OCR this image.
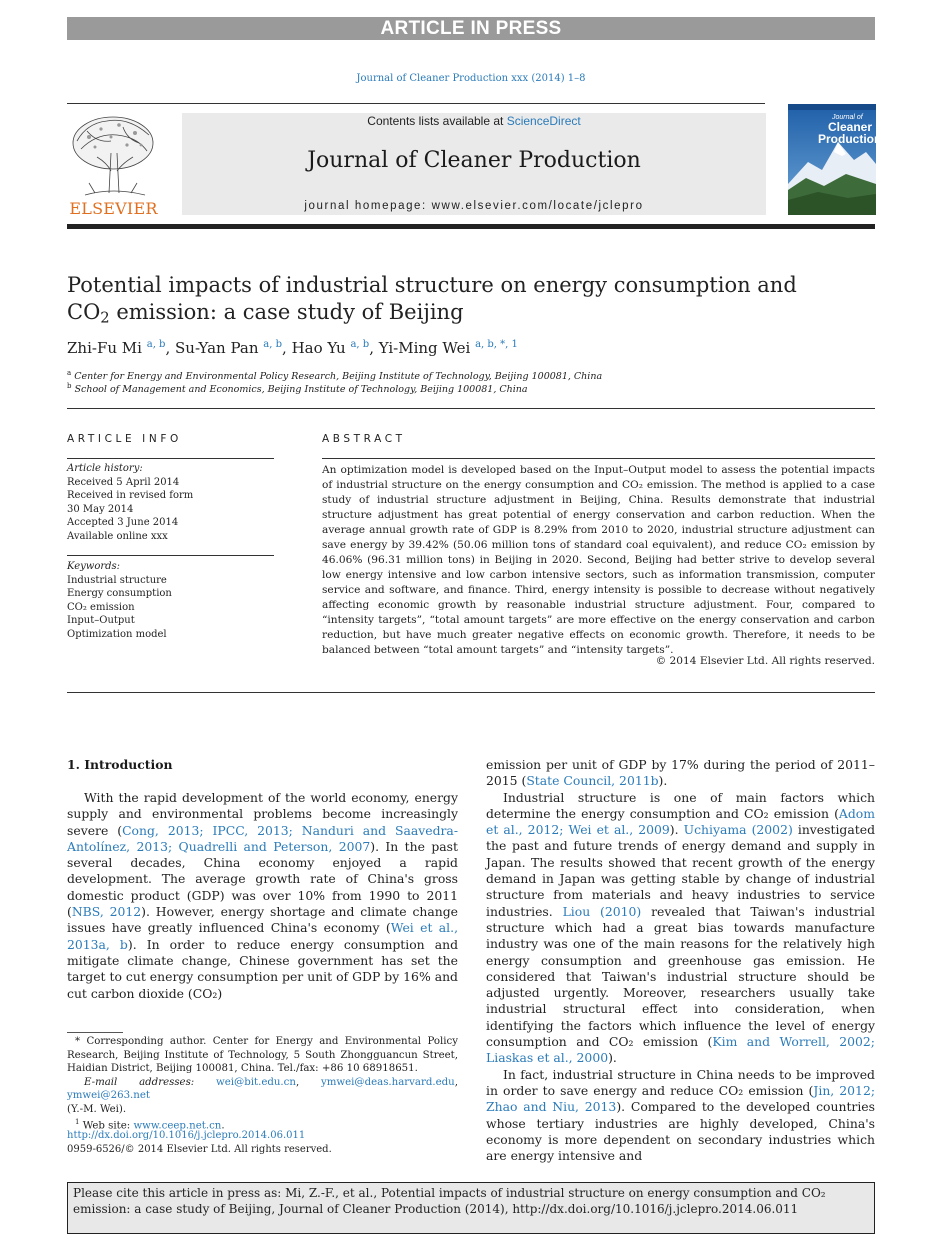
ARTICLE IN PRESS
Journal of Cleaner Production xxx (2014) 1–8
ELSEVIER
Contents lists available at ScienceDirect
Journal of Cleaner Production
journal homepage: www.elsevier.com/locate/jclepro
Journal of
Cleaner
Production
Potential impacts of industrial structure on energy consumption and
$CO_2$ emission: a case study of Beijing
Zhi-Fu Mi $^{a, b}$, Su-Yan Pan $^{a, b}$, Hao Yu $^{a, b}$, Yi-Ming Wei $^{a, b, *, 1}$
$^a$ Center for Energy and Environmental Policy Research, Beijing Institute of Technology, Beijing 100081, China
$^b$ School of Management and Economics, Beijing Institute of Technology, Beijing 100081, China
ARTICLE INFO
Article history:
Received 5 April 2014
Received in revised form
30 May 2014
Accepted 3 June 2014
Available online xxx
Keywords:
Industrial structure
Energy consumption
CO₂ emission
Input–Output
Optimization model
ABSTRACT
An optimization model is developed based on the Input–Output model to assess the potential impacts of industrial structure on the energy consumption and CO₂ emission. The method is applied to a case study of industrial structure adjustment in Beijing, China. Results demonstrate that industrial structure adjustment has great potential of energy conservation and carbon reduction. When the average annual growth rate of GDP is 8.29% from 2010 to 2020, industrial structure adjustment can save energy by 39.42% (50.06 million tons of standard coal equivalent), and reduce CO₂ emission by 46.06% (96.31 million tons) in Beijing in 2020. Second, Beijing had better strive to develop several low energy intensive and low carbon intensive sectors, such as information transmission, computer service and software, and finance. Third, energy intensity is possible to decrease without negatively affecting economic growth by reasonable industrial structure adjustment. Four, compared to “intensity targets”, “total amount targets” are more effective on the energy conservation and carbon reduction, but have much greater negative effects on economic growth. Therefore, it needs to be balanced between “total amount targets” and “intensity targets”.
© 2014 Elsevier Ltd. All rights reserved.
1. Introduction

With the rapid development of the world economy, energy supply and environmental problems become increasingly severe (Cong, 2013; IPCC, 2013; Nanduri and Saavedra-Antolínez, 2013; Quadrelli and Peterson, 2007). In the past several decades, China economy enjoyed a rapid development. The average growth rate of China's gross domestic product (GDP) was over 10% from 1990 to 2011 (NBS, 2012). However, energy shortage and climate change issues have greatly influenced China's economy (Wei et al., 2013a, b). In order to reduce energy consumption and mitigate climate change, Chinese government has set the target to cut energy consumption per unit of GDP by 16% and cut carbon dioxide (CO₂)

emission per unit of GDP by 17% during the period of 2011–2015 (State Council, 2011b).

Industrial structure is one of main factors which determine the energy consumption and CO₂ emission (Adom et al., 2012; Wei et al., 2009). Uchiyama (2002) investigated the past and future trends of energy demand and supply in Japan. The results showed that recent growth of the energy demand in Japan was getting stable by change of industrial structure from materials and heavy industries to service industries. Liou (2010) revealed that Taiwan's industrial structure which had a great bias towards manufacture industry was one of the main reasons for the relatively high energy consumption and greenhouse gas emission. He considered that Taiwan's industrial structure should be adjusted urgently. Moreover, researchers usually take industrial structural effect into consideration, when identifying the factors which influence the level of energy consumption and CO₂ emission (Kim and Worrell, 2002; Liaskas et al., 2000).

In fact, industrial structure in China needs to be improved in order to save energy and reduce CO₂ emission (Jin, 2012; Zhao and Niu, 2013). Compared to the developed countries whose tertiary industries are highly developed, China's economy is more dependent on secondary industries which are energy intensive and

* Corresponding author. Center for Energy and Environmental Policy Research, Beijing Institute of Technology, 5 South Zhongguancun Street, Haidian District, Beijing 100081, China. Tel./fax: +86 10 68918651.
E-mail addresses: wei@bit.edu.cn, ymwei@deas.harvard.edu, ymwei@263.net
(Y.-M. Wei).
$^1$ Web site: www.ceep.net.cn.
http://dx.doi.org/10.1016/j.jclepro.2014.06.011
0959-6526/© 2014 Elsevier Ltd. All rights reserved.
Please cite this article in press as: Mi, Z.-F., et al., Potential impacts of industrial structure on energy consumption and CO₂ emission: a case study of Beijing, Journal of Cleaner Production (2014), http://dx.doi.org/10.1016/j.jclepro.2014.06.011
